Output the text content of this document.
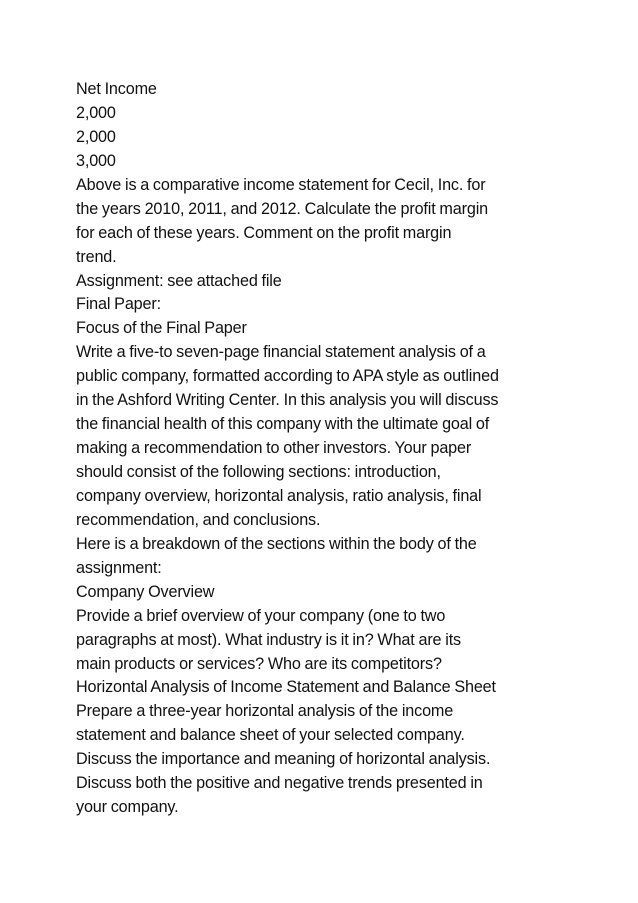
Net Income
2,000
2,000
3,000
Above is a comparative income statement for Cecil, Inc. for
the years 2010, 2011, and 2012. Calculate the profit margin
for each of these years. Comment on the profit margin
trend.
Assignment: see attached file
Final Paper:
Focus of the Final Paper
Write a five-to seven-page financial statement analysis of a
public company, formatted according to APA style as outlined
in the Ashford Writing Center. In this analysis you will discuss
the financial health of this company with the ultimate goal of
making a recommendation to other investors. Your paper
should consist of the following sections: introduction,
company overview, horizontal analysis, ratio analysis, final
recommendation, and conclusions.
Here is a breakdown of the sections within the body of the
assignment:
Company Overview
Provide a brief overview of your company (one to two
paragraphs at most). What industry is it in? What are its
main products or services? Who are its competitors?
Horizontal Analysis of Income Statement and Balance Sheet
Prepare a three-year horizontal analysis of the income
statement and balance sheet of your selected company.
Discuss the importance and meaning of horizontal analysis.
Discuss both the positive and negative trends presented in
your company.
